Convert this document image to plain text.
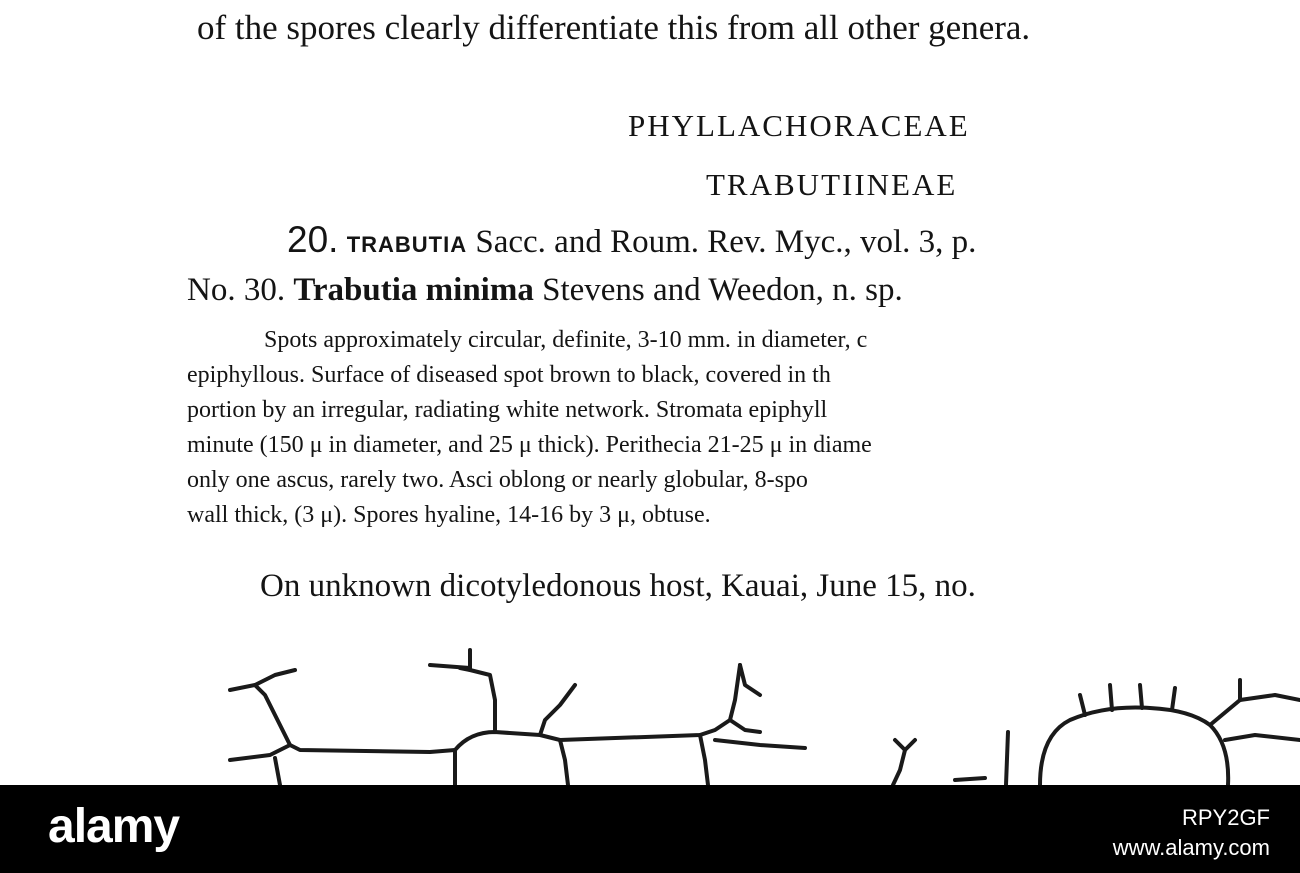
of the spores clearly differentiate this from all other genera.
PHYLLACHORACEAE
TRABUTIINEAE
20. TRABUTIA Sacc. and Roum. Rev. Myc., vol. 3, p.
No. 30. Trabutia minima Stevens and Weedon, n. sp.
Spots approximately circular, definite, 3-10 mm. in diameter, c
epiphyllous. Surface of diseased spot brown to black, covered in th
portion by an irregular, radiating white network. Stromata epiphyll
minute (150 μ in diameter, and 25 μ thick). Perithecia 21-25 μ in diame
only one ascus, rarely two. Asci oblong or nearly globular, 8-spo
wall thick, (3 μ). Spores hyaline, 14-16 by 3 μ, obtuse.
On unknown dicotyledonous host, Kauai, June 15, no.
alamy	RPY2GF
www.alamy.com
